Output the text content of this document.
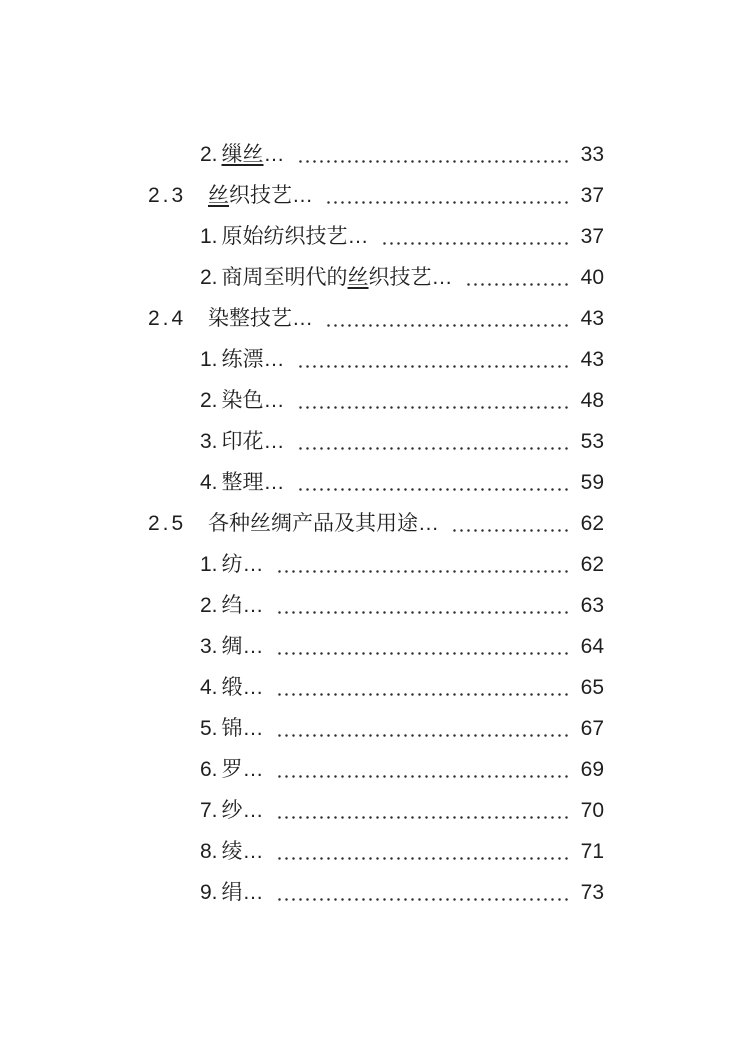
2. 缫丝…	33
2.3	丝织技艺…	37
1. 原始纺织技艺…	37
2. 商周至明代的丝织技艺…	40
2.4	染整技艺…	43
1. 练漂…	43
2. 染色…	48
3. 印花…	53
4. 整理…	59
2.5	各种丝绸产品及其用途…	62
1. 纺…	62
2. 绉…	63
3. 绸…	64
4. 缎…	65
5. 锦…	67
6. 罗…	69
7. 纱…	70
8. 绫…	71
9. 绢…	73
